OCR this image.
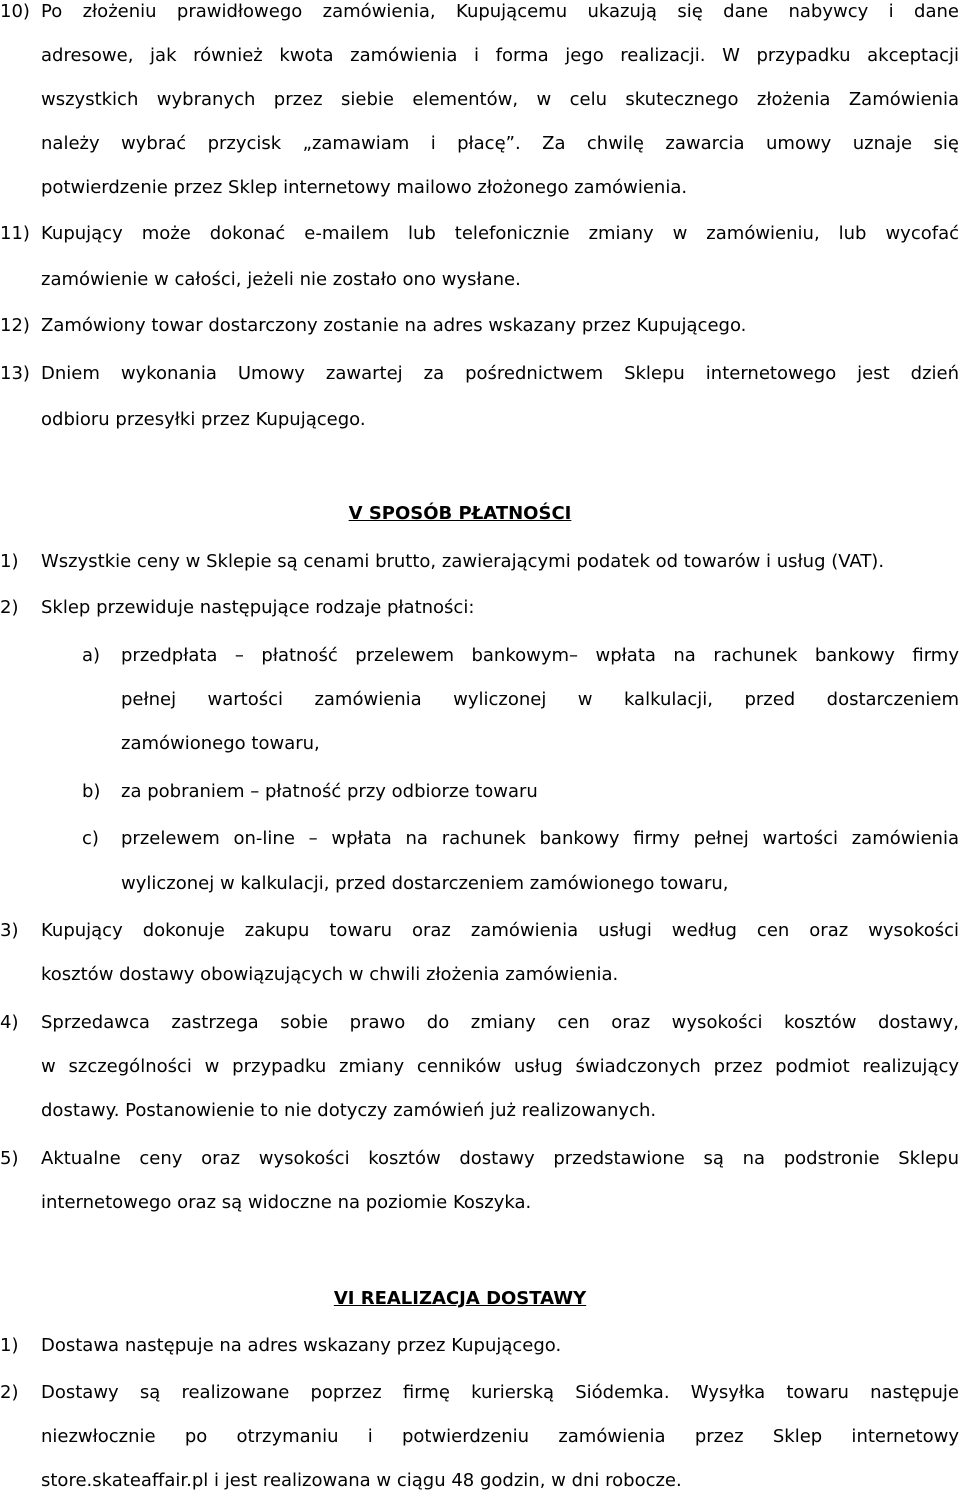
10) Po złożeniu prawidłowego zamówienia, Kupującemu ukazują się dane nabywcy i dane
adresowe, jak również kwota zamówienia i forma jego realizacji. W przypadku akceptacji
wszystkich wybranych przez siebie elementów, w celu skutecznego złożenia Zamówienia
należy wybrać przycisk „zamawiam i płacę”. Za chwilę zawarcia umowy uznaje się
potwierdzenie przez Sklep internetowy mailowo złożonego zamówienia.
11) Kupujący może dokonać e-mailem lub telefonicznie zmiany w zamówieniu, lub wycofać
zamówienie w całości, jeżeli nie zostało ono wysłane.
12) Zamówiony towar dostarczony zostanie na adres wskazany przez Kupującego.
13) Dniem wykonania Umowy zawartej za pośrednictwem Sklepu internetowego jest dzień
odbioru przesyłki przez Kupującego.
V SPOSÓB PŁATNOŚCI
1) Wszystkie ceny w Sklepie są cenami brutto, zawierającymi podatek od towarów i usług (VAT).
2) Sklep przewiduje następujące rodzaje płatności:
a) przedpłata – płatność przelewem bankowym– wpłata na rachunek bankowy firmy
pełnej wartości zamówienia wyliczonej w kalkulacji, przed dostarczeniem
zamówionego towaru,
b) za pobraniem – płatność przy odbiorze towaru
c) przelewem on-line – wpłata na rachunek bankowy firmy pełnej wartości zamówienia
wyliczonej w kalkulacji, przed dostarczeniem zamówionego towaru,
3) Kupujący dokonuje zakupu towaru oraz zamówienia usługi według cen oraz wysokości
kosztów dostawy obowiązujących w chwili złożenia zamówienia.
4) Sprzedawca zastrzega sobie prawo do zmiany cen oraz wysokości kosztów dostawy,
w szczególności w przypadku zmiany cenników usług świadczonych przez podmiot realizujący
dostawy. Postanowienie to nie dotyczy zamówień już realizowanych.
5) Aktualne ceny oraz wysokości kosztów dostawy przedstawione są na podstronie Sklepu
internetowego oraz są widoczne na poziomie Koszyka.
VI REALIZACJA DOSTAWY
1) Dostawa następuje na adres wskazany przez Kupującego.
2) Dostawy są realizowane poprzez firmę kurierską Siódemka. Wysyłka towaru następuje
niezwłocznie po otrzymaniu i potwierdzeniu zamówienia przez Sklep internetowy
store.skateaffair.pl i jest realizowana w ciągu 48 godzin, w dni robocze.
